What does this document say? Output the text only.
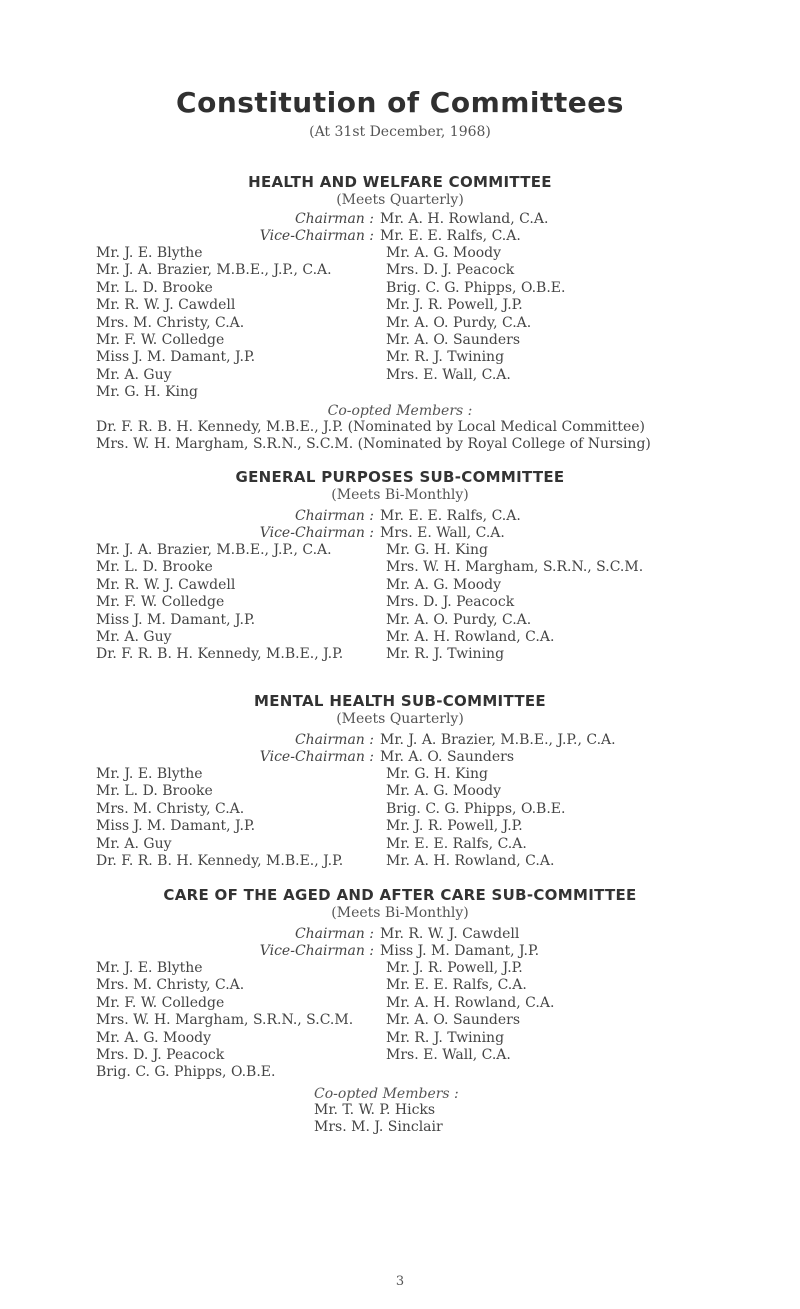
Constitution of Committees
(At 31st December, 1968)
HEALTH AND WELFARE COMMITTEE
(Meets Quarterly)
Chairman : Mr. A. H. Rowland, C.A.
Vice-Chairman : Mr. E. E. Ralfs, C.A.
Mr. J. E. Blythe
Mr. J. A. Brazier, M.B.E., J.P., C.A.
Mr. L. D. Brooke
Mr. R. W. J. Cawdell
Mrs. M. Christy, C.A.
Mr. F. W. Colledge
Miss J. M. Damant, J.P.
Mr. A. Guy
Mr. G. H. King
Mr. A. G. Moody
Mrs. D. J. Peacock
Brig. C. G. Phipps, O.B.E.
Mr. J. R. Powell, J.P.
Mr. A. O. Purdy, C.A.
Mr. A. O. Saunders
Mr. R. J. Twining
Mrs. E. Wall, C.A.
Co-opted Members :
Dr. F. R. B. H. Kennedy, M.B.E., J.P. (Nominated by Local Medical Committee)
Mrs. W. H. Margham, S.R.N., S.C.M. (Nominated by Royal College of Nursing)
GENERAL PURPOSES SUB-COMMITTEE
(Meets Bi-Monthly)
Chairman : Mr. E. E. Ralfs, C.A.
Vice-Chairman : Mrs. E. Wall, C.A.
Mr. J. A. Brazier, M.B.E., J.P., C.A.
Mr. L. D. Brooke
Mr. R. W. J. Cawdell
Mr. F. W. Colledge
Miss J. M. Damant, J.P.
Mr. A. Guy
Dr. F. R. B. H. Kennedy, M.B.E., J.P.
Mr. G. H. King
Mrs. W. H. Margham, S.R.N., S.C.M.
Mr. A. G. Moody
Mrs. D. J. Peacock
Mr. A. O. Purdy, C.A.
Mr. A. H. Rowland, C.A.
Mr. R. J. Twining
MENTAL HEALTH SUB-COMMITTEE
(Meets Quarterly)
Chairman : Mr. J. A. Brazier, M.B.E., J.P., C.A.
Vice-Chairman : Mr. A. O. Saunders
Mr. J. E. Blythe
Mr. L. D. Brooke
Mrs. M. Christy, C.A.
Miss J. M. Damant, J.P.
Mr. A. Guy
Dr. F. R. B. H. Kennedy, M.B.E., J.P.
Mr. G. H. King
Mr. A. G. Moody
Brig. C. G. Phipps, O.B.E.
Mr. J. R. Powell, J.P.
Mr. E. E. Ralfs, C.A.
Mr. A. H. Rowland, C.A.
CARE OF THE AGED AND AFTER CARE SUB-COMMITTEE
(Meets Bi-Monthly)
Chairman : Mr. R. W. J. Cawdell
Vice-Chairman : Miss J. M. Damant, J.P.
Mr. J. E. Blythe
Mrs. M. Christy, C.A.
Mr. F. W. Colledge
Mrs. W. H. Margham, S.R.N., S.C.M.
Mr. A. G. Moody
Mrs. D. J. Peacock
Brig. C. G. Phipps, O.B.E.
Mr. J. R. Powell, J.P.
Mr. E. E. Ralfs, C.A.
Mr. A. H. Rowland, C.A.
Mr. A. O. Saunders
Mr. R. J. Twining
Mrs. E. Wall, C.A.
Co-opted Members :
Mr. T. W. P. Hicks
Mrs. M. J. Sinclair
3
